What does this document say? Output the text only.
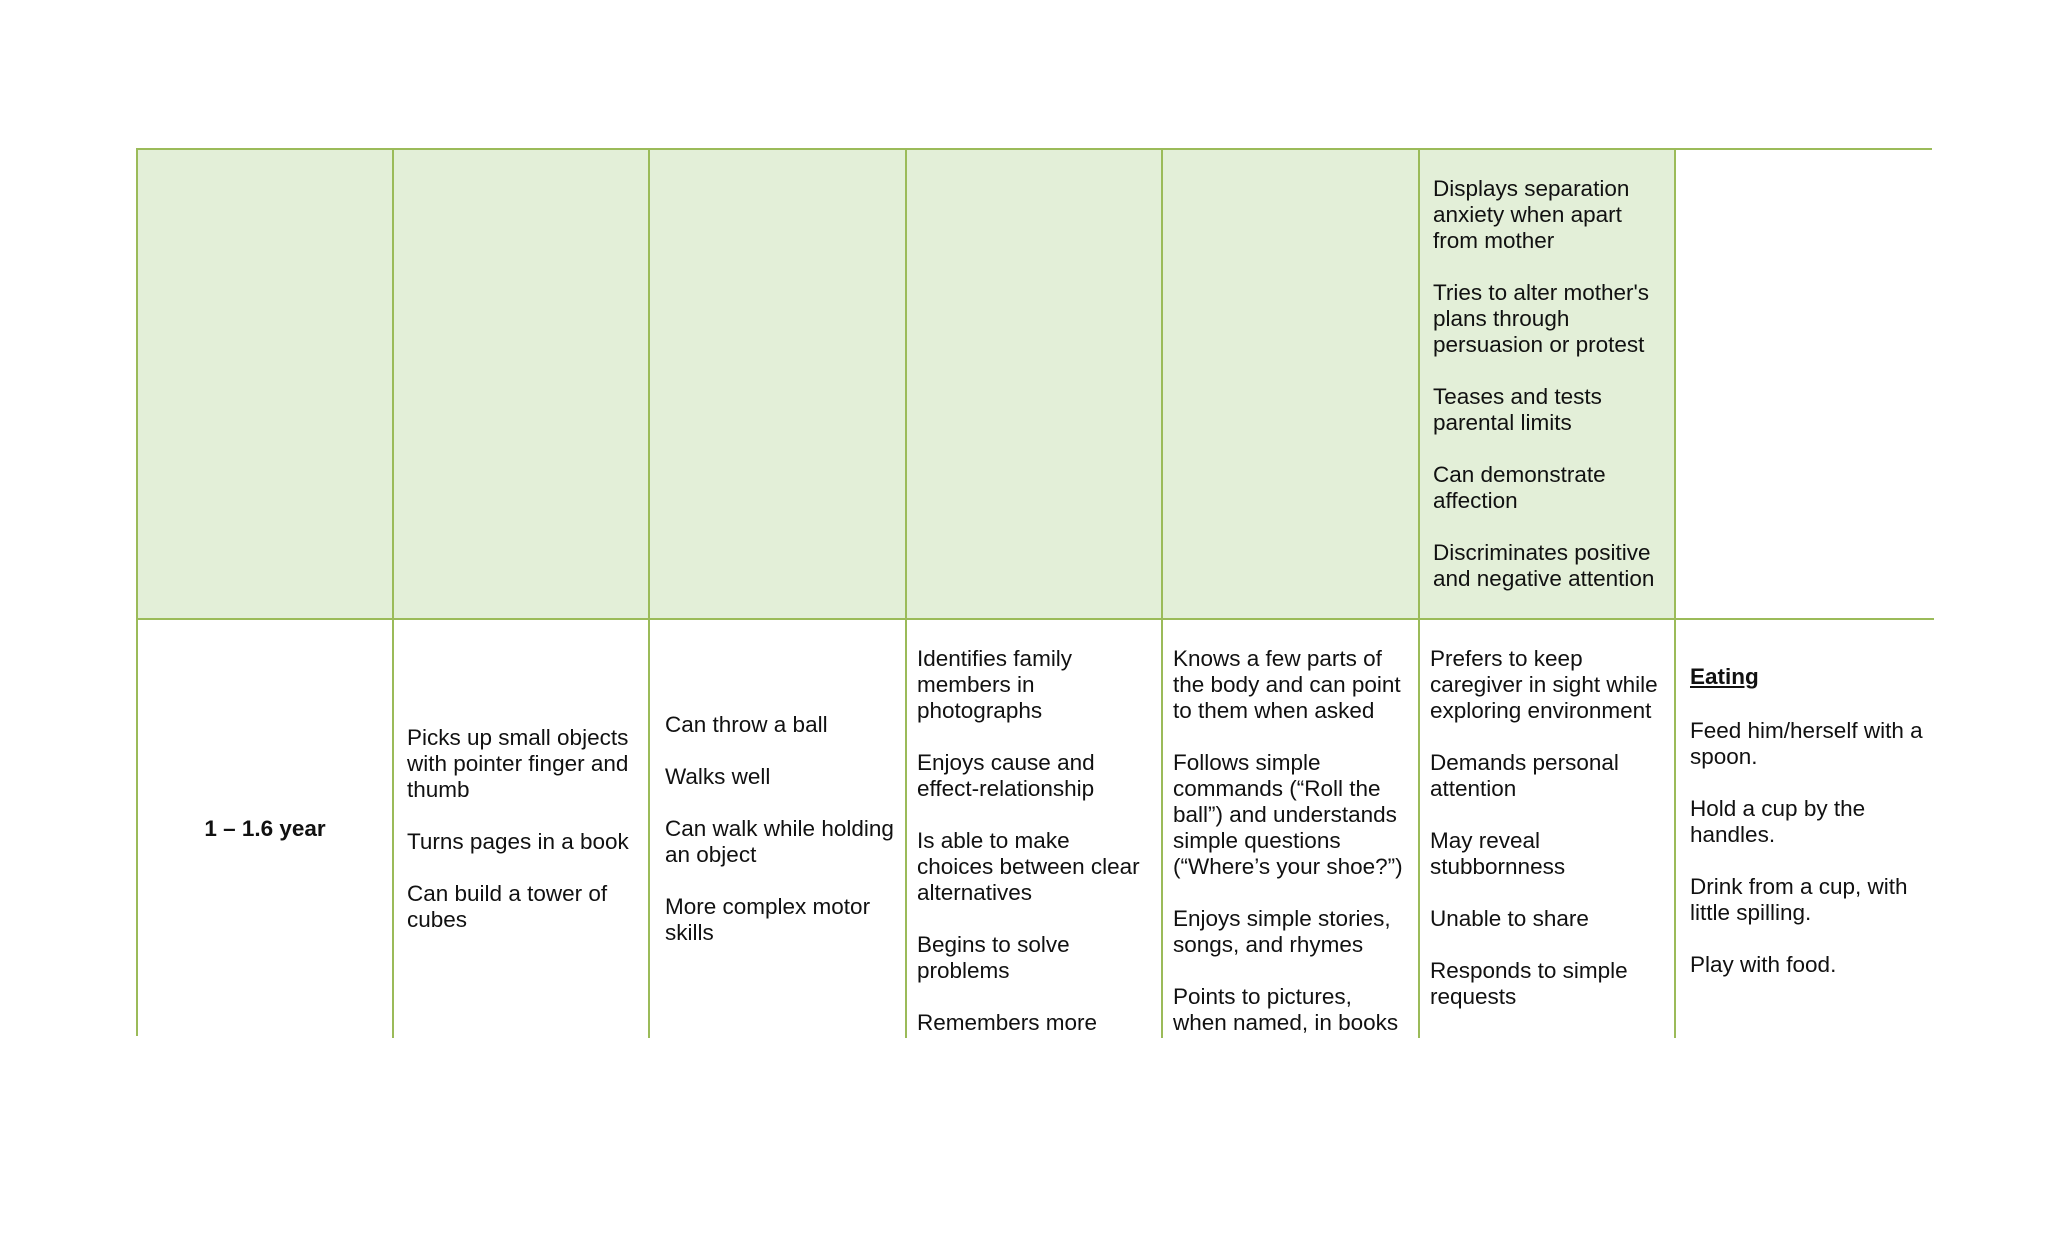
Displays separation anxiety when apart from mother

Tries to alter mother's plans through persuasion or protest

Teases and tests parental limits

Can demonstrate affection

Discriminates positive and negative attention

1 – 1.6 year

Picks up small objects with pointer finger and thumb

Turns pages in a book

Can build a tower of cubes

Can throw a ball

Walks well

Can walk while holding an object

More complex motor skills

Identifies family members in photographs

Enjoys cause and effect-relationship

Is able to make choices between clear alternatives

Begins to solve problems

Remembers more

Knows a few parts of the body and can point to them when asked

Follows simple commands (“Roll the ball”) and understands simple questions (“Where’s your shoe?”)

Enjoys simple stories, songs, and rhymes

Points to pictures, when named, in books

Prefers to keep caregiver in sight while exploring environment

Demands personal attention

May reveal stubbornness

Unable to share

Responds to simple requests

Eating

Feed him/herself with a spoon.

Hold a cup by the handles.

Drink from a cup, with little spilling.

Play with food.
